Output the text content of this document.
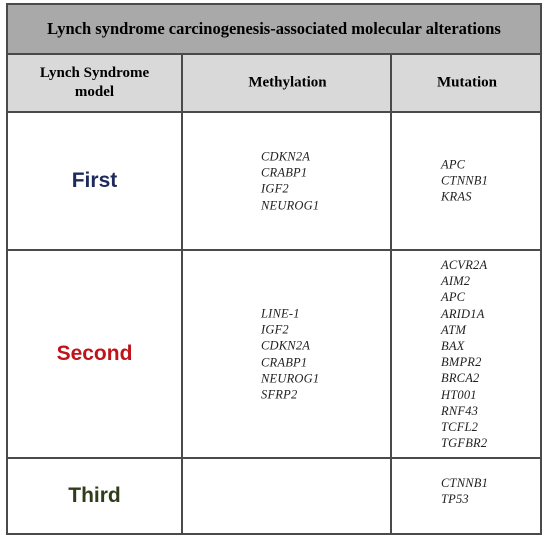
Lynch syndrome carcinogenesis-associated molecular alterations
Lynch Syndrome model
Methylation	Mutation
First
CDKN2A
CRABP1
IGF2
NEUROG1
APC
CTNNB1
KRAS
Second
LINE-1
IGF2
CDKN2A
CRABP1
NEUROG1
SFRP2
ACVR2A
AIM2
APC
ARID1A
ATM
BAX
BMPR2
BRCA2
HT001
RNF43
TCFL2
TGFBR2
Third
CTNNB1
TP53
